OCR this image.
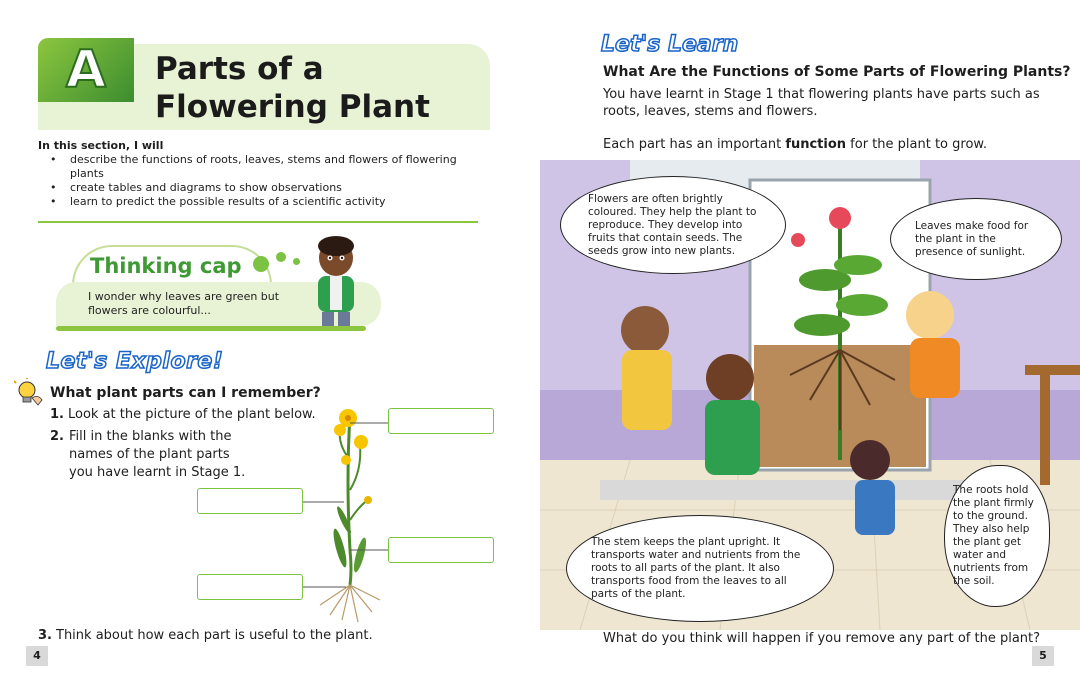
A	Parts of a
Flowering Plant
In this section, I will
• describe the functions of roots, leaves, stems and flowers of flowering plants
• create tables and diagrams to show observations
• learn to predict the possible results of a scientific activity
Thinking cap
I wonder why leaves are green but flowers are colourful...
Let's Explore!
What plant parts can I remember?
1. Look at the picture of the plant below.
2. Fill in the blanks with the names of the plant parts you have learnt in Stage 1.
3. Think about how each part is useful to the plant.
4
Let's Learn
What Are the Functions of Some Parts of Flowering Plants?
You have learnt in Stage 1 that flowering plants have parts such as roots, leaves, stems and flowers.
Each part has an important function for the plant to grow.
Flowers are often brightly coloured. They help the plant to reproduce. They develop into fruits that contain seeds. The seeds grow into new plants.
Leaves make food for the plant in the presence of sunlight.
The stem keeps the plant upright. It transports water and nutrients from the roots to all parts of the plant. It also transports food from the leaves to all parts of the plant.
The roots hold the plant firmly to the ground. They also help the plant get water and nutrients from the soil.
What do you think will happen if you remove any part of the plant?
5
